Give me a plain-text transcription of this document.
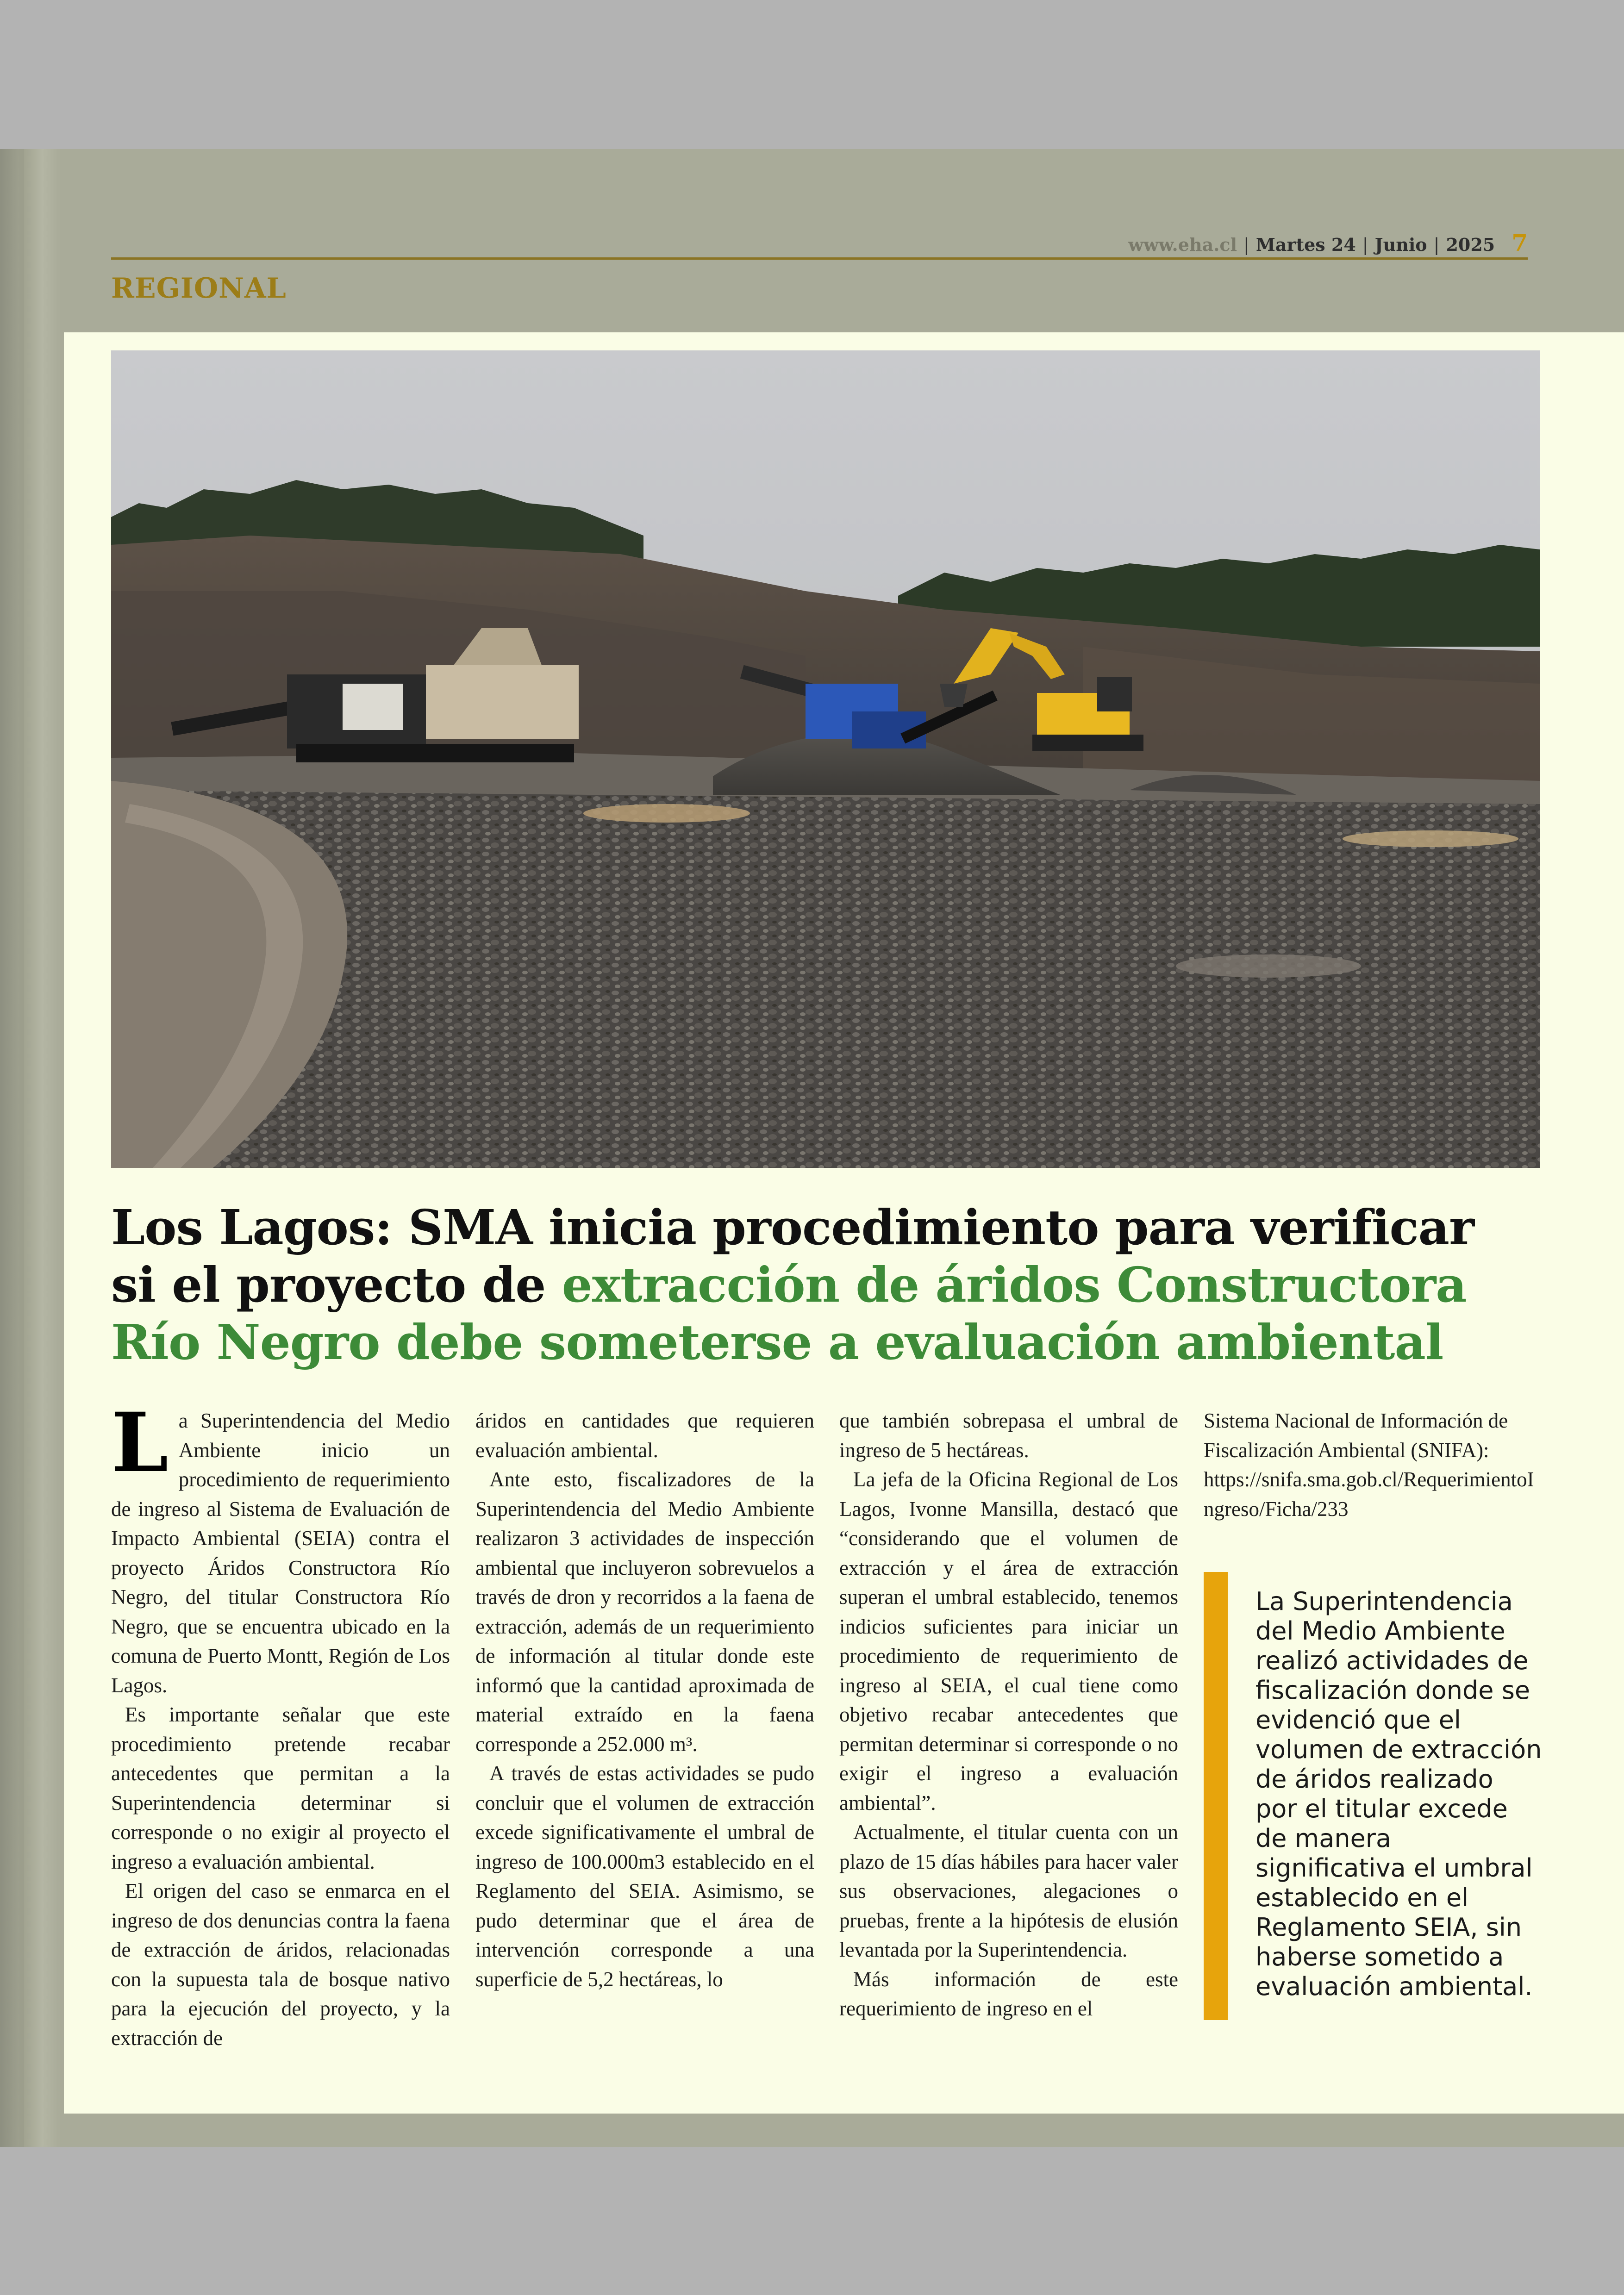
www.eha.cl | Martes 24 | Junio | 2025 7
REGIONAL
Los Lagos: SMA inicia procedimiento para verificar si el proyecto de extracción de áridos Constructora Río Negro debe someterse a evaluación ambiental

La Superintendencia del Medio Ambiente inicio un procedimiento de requerimiento de ingreso al Sistema de Evaluación de Impacto Ambiental (SEIA) contra el proyecto Áridos Constructora Río Negro, del titular Constructora Río Negro, que se encuentra ubicado en la comuna de Puerto Montt, Región de Los Lagos.

Es importante señalar que este procedimiento pretende recabar antecedentes que permitan a la Superintendencia determinar si corresponde o no exigir al proyecto el ingreso a evaluación ambiental.

El origen del caso se enmarca en el ingreso de dos denuncias contra la faena de extracción de áridos, relacionadas con la supuesta tala de bosque nativo para la ejecución del proyecto, y la extracción de

áridos en cantidades que requieren evaluación ambiental.

Ante esto, fiscalizadores de la Superintendencia del Medio Ambiente realizaron 3 actividades de inspección ambiental que incluyeron sobrevuelos a través de dron y recorridos a la faena de extracción, además de un requerimiento de información al titular donde este informó que la cantidad aproximada de material extraído en la faena corresponde a 252.000 m³.

A través de estas actividades se pudo concluir que el volumen de extracción excede significativamente el umbral de ingreso de 100.000m3 establecido en el Reglamento del SEIA. Asimismo, se pudo determinar que el área de intervención corresponde a una superficie de 5,2 hectáreas, lo

que también sobrepasa el umbral de ingreso de 5 hectáreas.

La jefa de la Oficina Regional de Los Lagos, Ivonne Mansilla, destacó que “considerando que el volumen de extracción y el área de extracción superan el umbral establecido, tenemos indicios suficientes para iniciar un procedimiento de requerimiento de ingreso al SEIA, el cual tiene como objetivo recabar antecedentes que permitan determinar si corresponde o no exigir el ingreso a evaluación ambiental”.

Actualmente, el titular cuenta con un plazo de 15 días hábiles para hacer valer sus observaciones, alegaciones o pruebas, frente a la hipótesis de elusión levantada por la Superintendencia.

Más información de este requerimiento de ingreso en el

Sistema Nacional de Información de Fiscalización Ambiental (SNIFA): https://snifa.sma.gob.cl/RequerimientoIngreso/Ficha/233

La Superintendencia del Medio Ambiente realizó actividades de fiscalización donde se evidenció que el volumen de extracción de áridos realizado por el titular excede de manera significativa el umbral establecido en el Reglamento SEIA, sin haberse sometido a evaluación ambiental.
